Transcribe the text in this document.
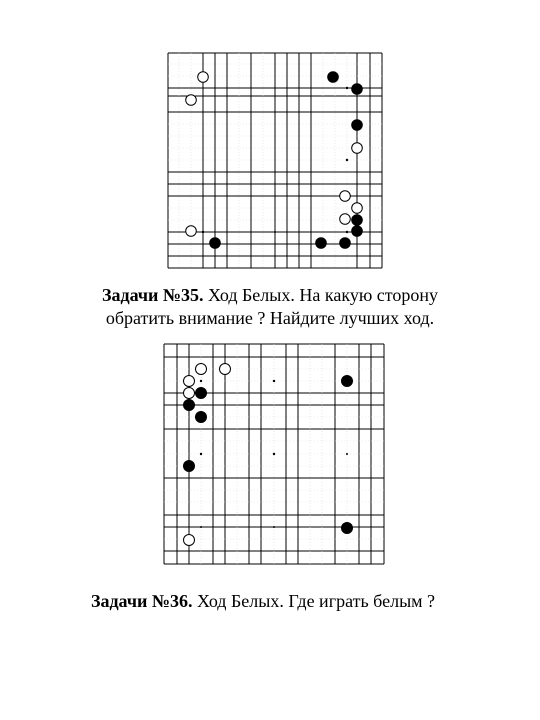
Задачи №35. Ход Белых. На какую сторону
обратить внимание ? Найдите лучших ход.
Задачи №36. Ход Белых. Где играть белым ?
